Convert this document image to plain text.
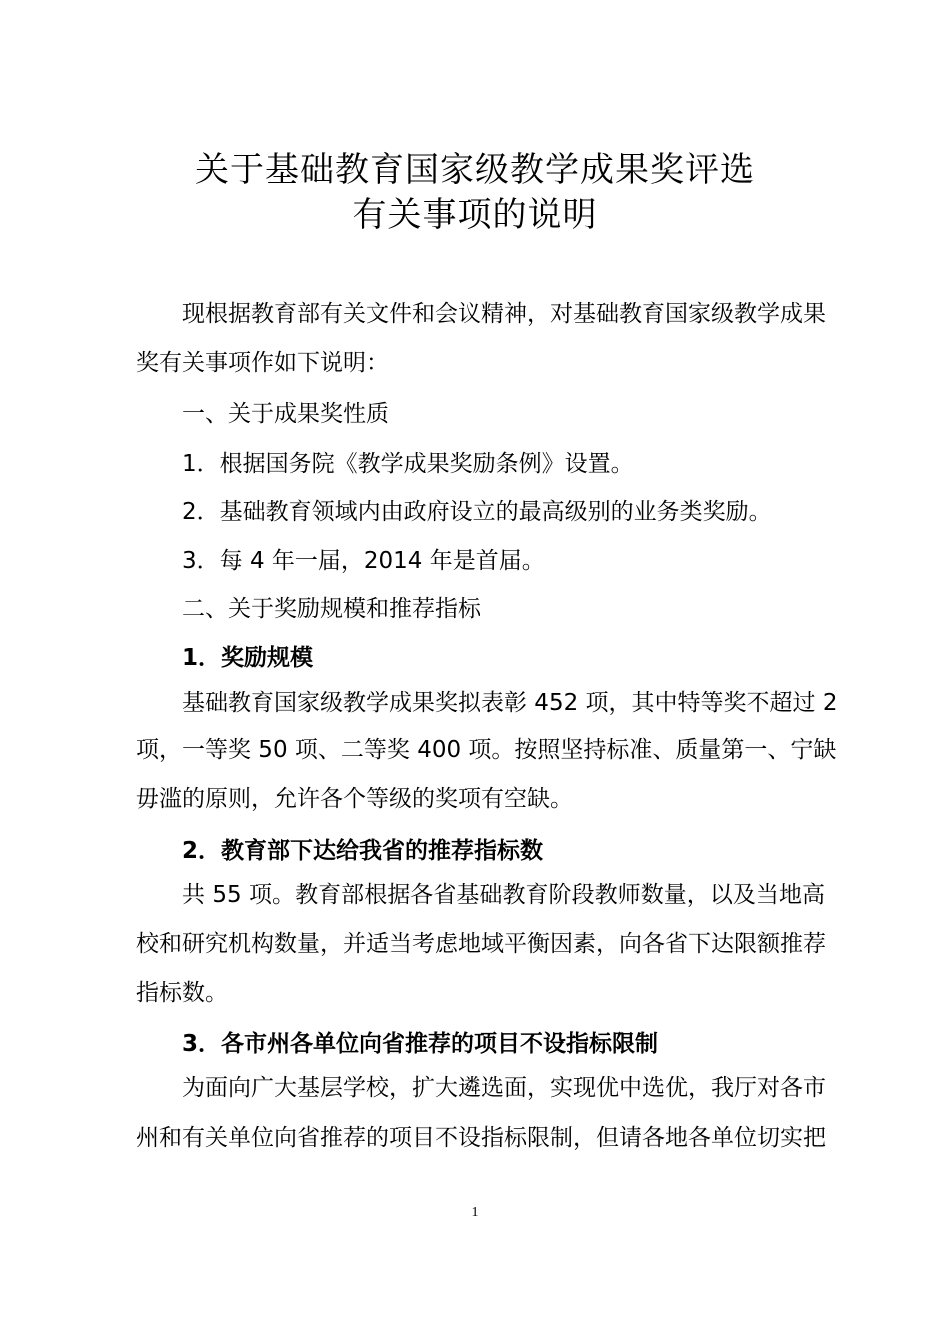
关于基础教育国家级教学成果奖评选
有关事项的说明
现根据教育部有关文件和会议精神，对基础教育国家级教学成果
奖有关事项作如下说明：
一、关于成果奖性质
1．根据国务院《教学成果奖励条例》设置。
2．基础教育领域内由政府设立的最高级别的业务类奖励。
3．每 4 年一届，2014 年是首届。
二、关于奖励规模和推荐指标
1．奖励规模
基础教育国家级教学成果奖拟表彰 452 项，其中特等奖不超过 2
项，一等奖 50 项、二等奖 400 项。按照坚持标准、质量第一、宁缺
毋滥的原则，允许各个等级的奖项有空缺。
2．教育部下达给我省的推荐指标数
共 55 项。教育部根据各省基础教育阶段教师数量，以及当地高
校和研究机构数量，并适当考虑地域平衡因素，向各省下达限额推荐
指标数。
3．各市州各单位向省推荐的项目不设指标限制
为面向广大基层学校，扩大遴选面，实现优中选优，我厅对各市
州和有关单位向省推荐的项目不设指标限制，但请各地各单位切实把
1
